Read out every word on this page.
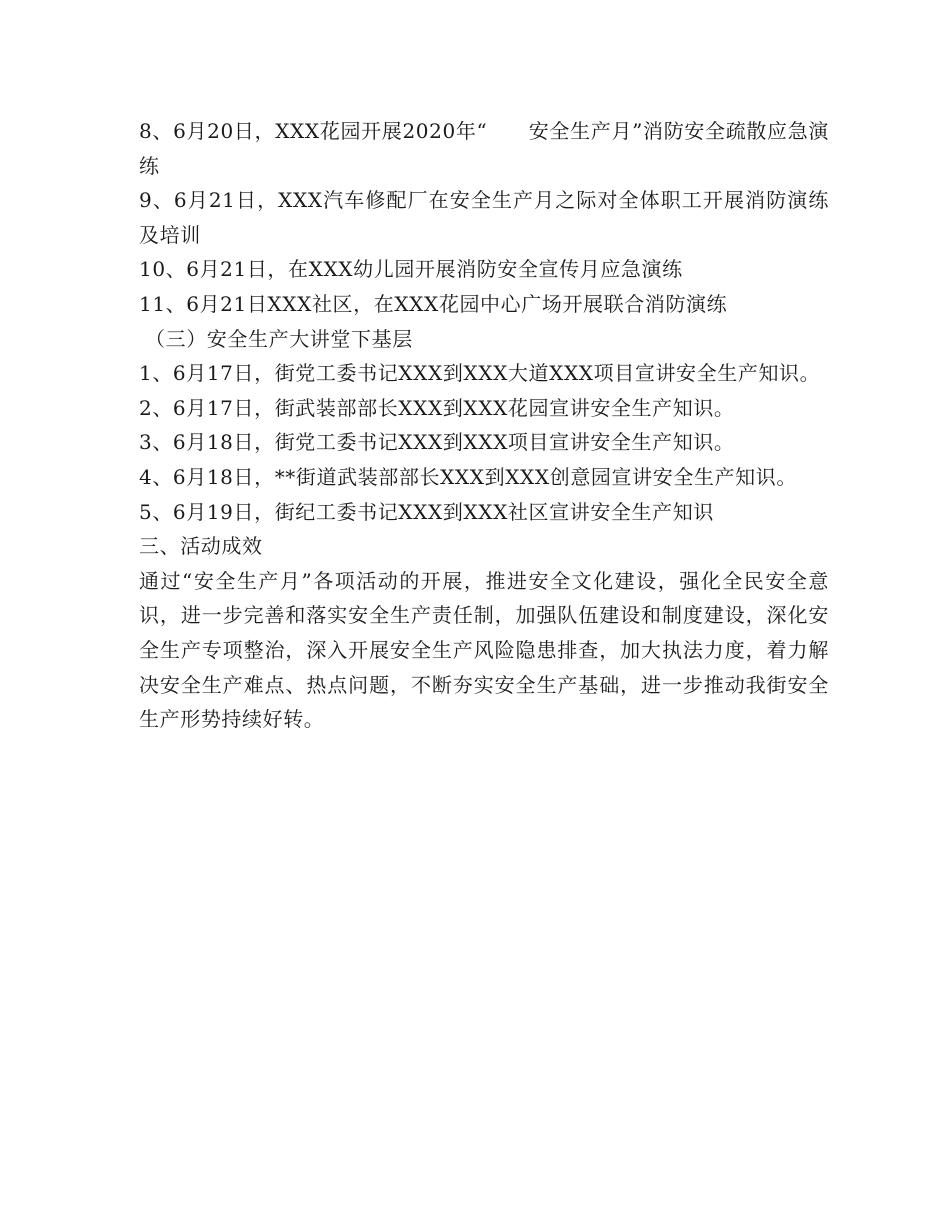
8、6月20日，XXX花园开展2020年“　　安全生产月”消防安全疏散应急演练

9、6月21日，XXX汽车修配厂在安全生产月之际对全体职工开展消防演练及培训

10、6月21日，在XXX幼儿园开展消防安全宣传月应急演练

11、6月21日XXX社区，在XXX花园中心广场开展联合消防演练

（三）安全生产大讲堂下基层

1、6月17日，街党工委书记XXX到XXX大道XXX项目宣讲安全生产知识。

2、6月17日，街武装部部长XXX到XXX花园宣讲安全生产知识。

3、6月18日，街党工委书记XXX到XXX项目宣讲安全生产知识。

4、6月18日，**街道武装部部长XXX到XXX创意园宣讲安全生产知识。

5、6月19日，街纪工委书记XXX到XXX社区宣讲安全生产知识

三、活动成效

通过“安全生产月”各项活动的开展，推进安全文化建设，强化全民安全意识，进一步完善和落实安全生产责任制，加强队伍建设和制度建设，深化安全生产专项整治，深入开展安全生产风险隐患排查，加大执法力度，着力解决安全生产难点、热点问题，不断夯实安全生产基础，进一步推动我街安全生产形势持续好转。
